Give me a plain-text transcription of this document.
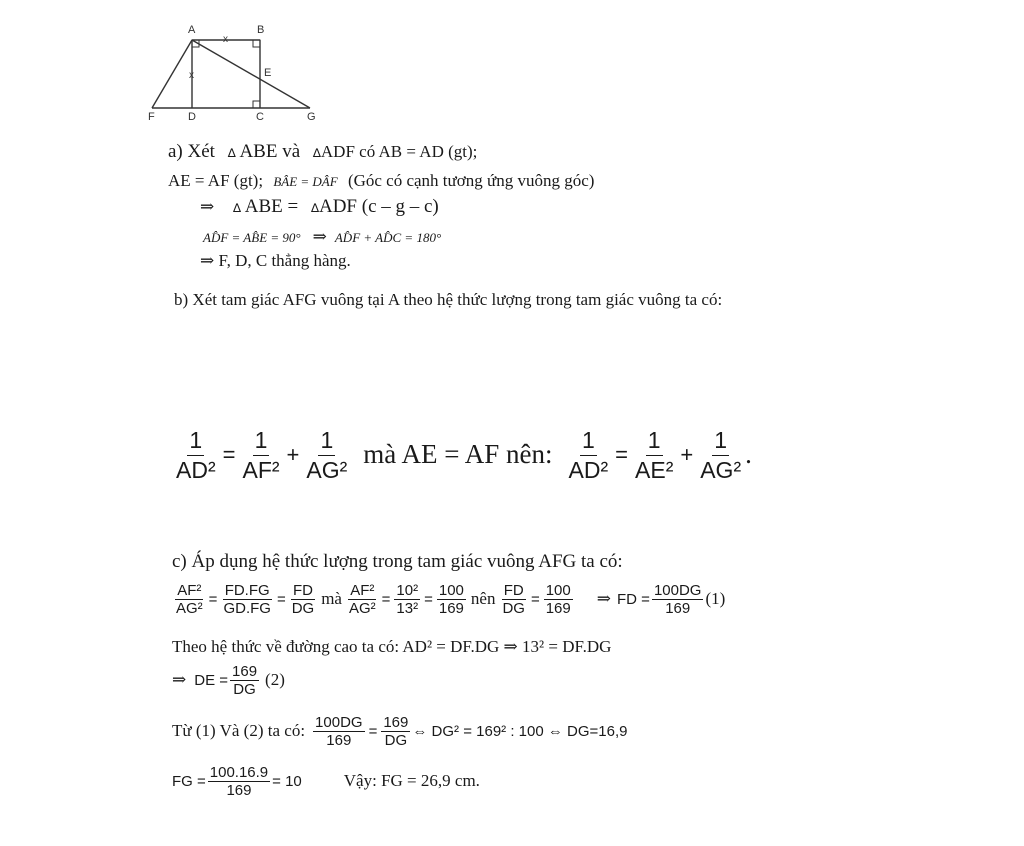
x
x
A	B
E
F	D	C	G
a) Xét ∆ ABE và ∆ADF có AB = AD (gt);
AE = AF (gt); BÂE = DÂF (Góc có cạnh tương ứng vuông góc)
⇒ ∆ ABE = ∆ADF (c – g – c)
AD̂F = AB̂E = 90° ⇒ AD̂F + AD̂C = 180°
⇒ F, D, C thẳng hàng.
b) Xét tam giác AFG vuông tại A theo hệ thức lượng trong tam giác vuông ta có:
$\frac{1}{\text{AD²}} = \frac{1}{\text{AF²}} + \frac{1}{\text{AG²}}$ mà AE = AF nên: $\frac{1}{\text{AD²}} = \frac{1}{\text{AE²}} + \frac{1}{\text{AG²}}$ .
c) Áp dụng hệ thức lượng trong tam giác vuông AFG ta có:
$\frac{\text{AF²}}{\text{AG²}} = \frac{FD.FG}{GD.FG} = \frac{FD}{DG}$ mà $\frac{\text{AF²}}{\text{AG²}} = \frac{\text{10²}}{\text{13²}} = \frac{100}{169}$ nên $\frac{FD}{DG} = \frac{100}{169}$ ⇒ FD = $\frac{100DG}{169} (1)$
Theo hệ thức về đường cao ta có: AD² = DF.DG ⇒ 13² = DF.DG
⇒ DE = $\frac{169}{DG} (2)$
Từ (1) Và (2) ta có: $\frac{100DG}{169} = \frac{169}{DG}$ ⇔ DG² = 169² : 100 ⇔ DG=16,9
FG = $\frac{100.16.9}{169} = 10$ Vậy: FG = 26,9 cm.
